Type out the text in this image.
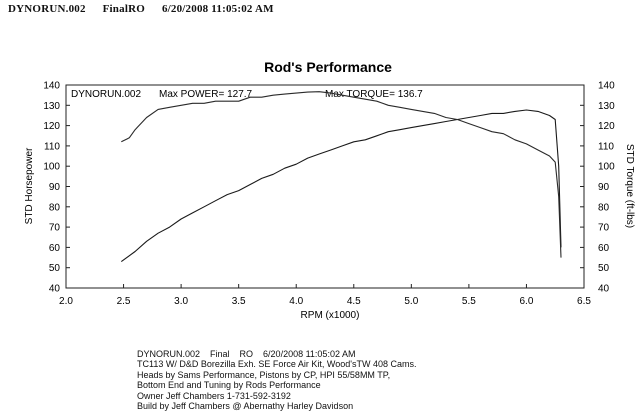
DYNORUN.002 FinalRO 6/20/2008 11:05:02 AM
Rod's Performance
DYNORUN.002 Max POWER= 127.7	Max TORQUE= 136.7
RPM (x1000)
STD Horsepower	STD Torque (ft-lbs)
40
50
60
70
80
90
100
110
120
130
140
40
50
60
70
80
90
100
110
120
130
140
2.0	2.5	3.0	3.5	4.0	4.5	5.0	5.5	6.0	6.5
DYNORUN.002 Final RO 6/20/2008 11:05:02 AM
TC113 W/ D&D Borezilla Exh. SE Force Air Kit, Wood'sTW 408 Cams.
Heads by Sams Performance, Pistons by CP, HPI 55/58MM TP,
Bottom End and Tuning by Rods Performance
Owner Jeff Chambers 1-731-592-3192
Build by Jeff Chambers @ Abernathy Harley Davidson
